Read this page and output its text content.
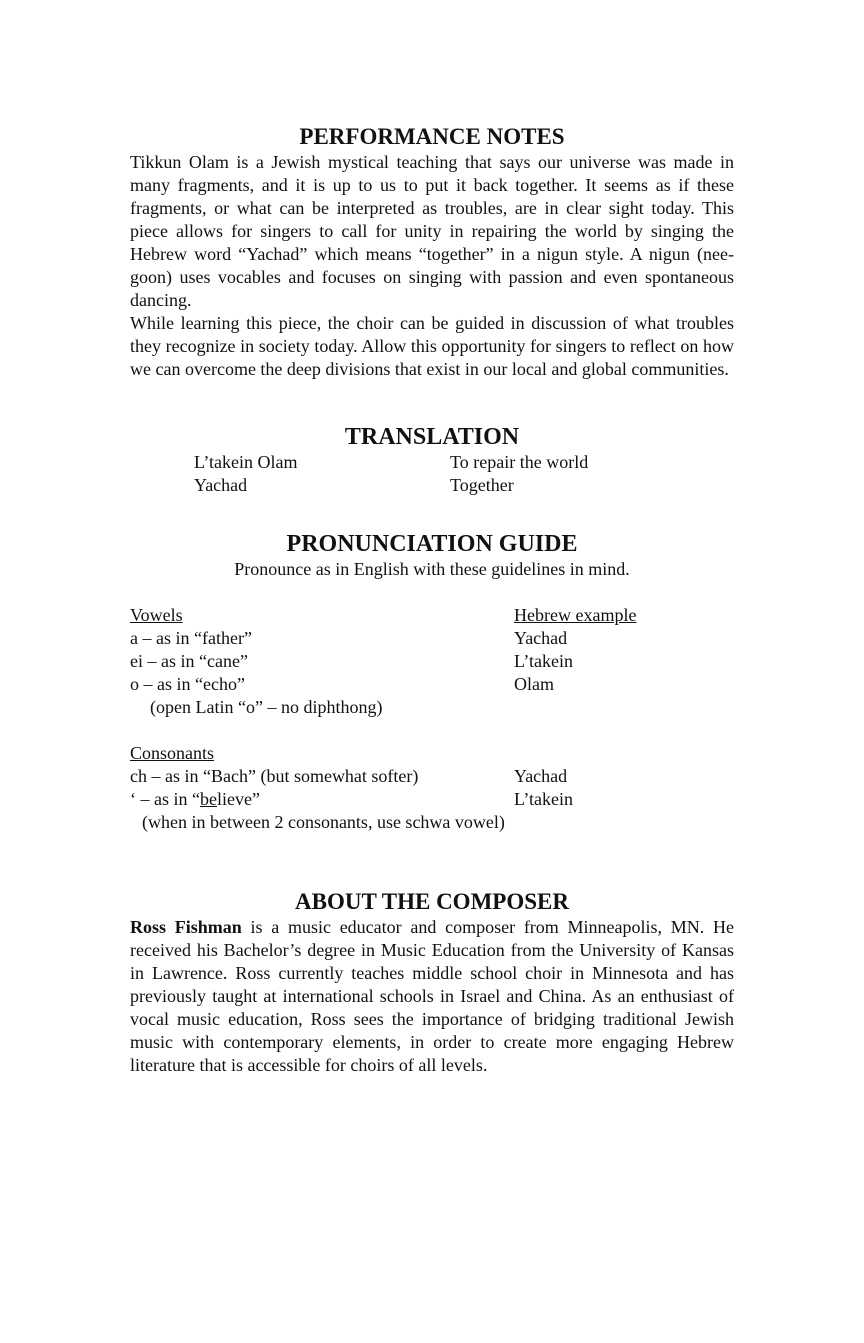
PERFORMANCE NOTES

Tikkun Olam is a Jewish mystical teaching that says our universe was made in many fragments, and it is up to us to put it back together. It seems as if these fragments, or what can be interpreted as troubles, are in clear sight today. This piece allows for singers to call for unity in repairing the world by singing the Hebrew word “Yachad” which means “together” in a nigun style. A nigun (nee-goon) uses vocables and focuses on singing with passion and even spontaneous dancing.

While learning this piece, the choir can be guided in discussion of what troubles they recognize in society today. Allow this opportunity for singers to reflect on how we can overcome the deep divisions that exist in our local and global communities.

TRANSLATION
L’takein Olam	To repair the world
Yachad	Together
PRONUNCIATION GUIDE
Pronounce as in English with these guidelines in mind.
Vowels	Hebrew example
a – as in “father”	Yachad
ei – as in “cane”	L’takein
o – as in “echo”	Olam
(open Latin “o” – no diphthong)
Consonants
ch – as in “Bach” (but somewhat softer)	Yachad
‘ – as in “believe”	L’takein
(when in between 2 consonants, use schwa vowel)
ABOUT THE COMPOSER

Ross Fishman is a music educator and composer from Minneapolis, MN. He received his Bachelor’s degree in Music Education from the University of Kansas in Lawrence. Ross currently teaches middle school choir in Minnesota and has previously taught at international schools in Israel and China. As an enthusiast of vocal music education, Ross sees the importance of bridging traditional Jewish music with contemporary elements, in order to create more engaging Hebrew literature that is accessible for choirs of all levels.
